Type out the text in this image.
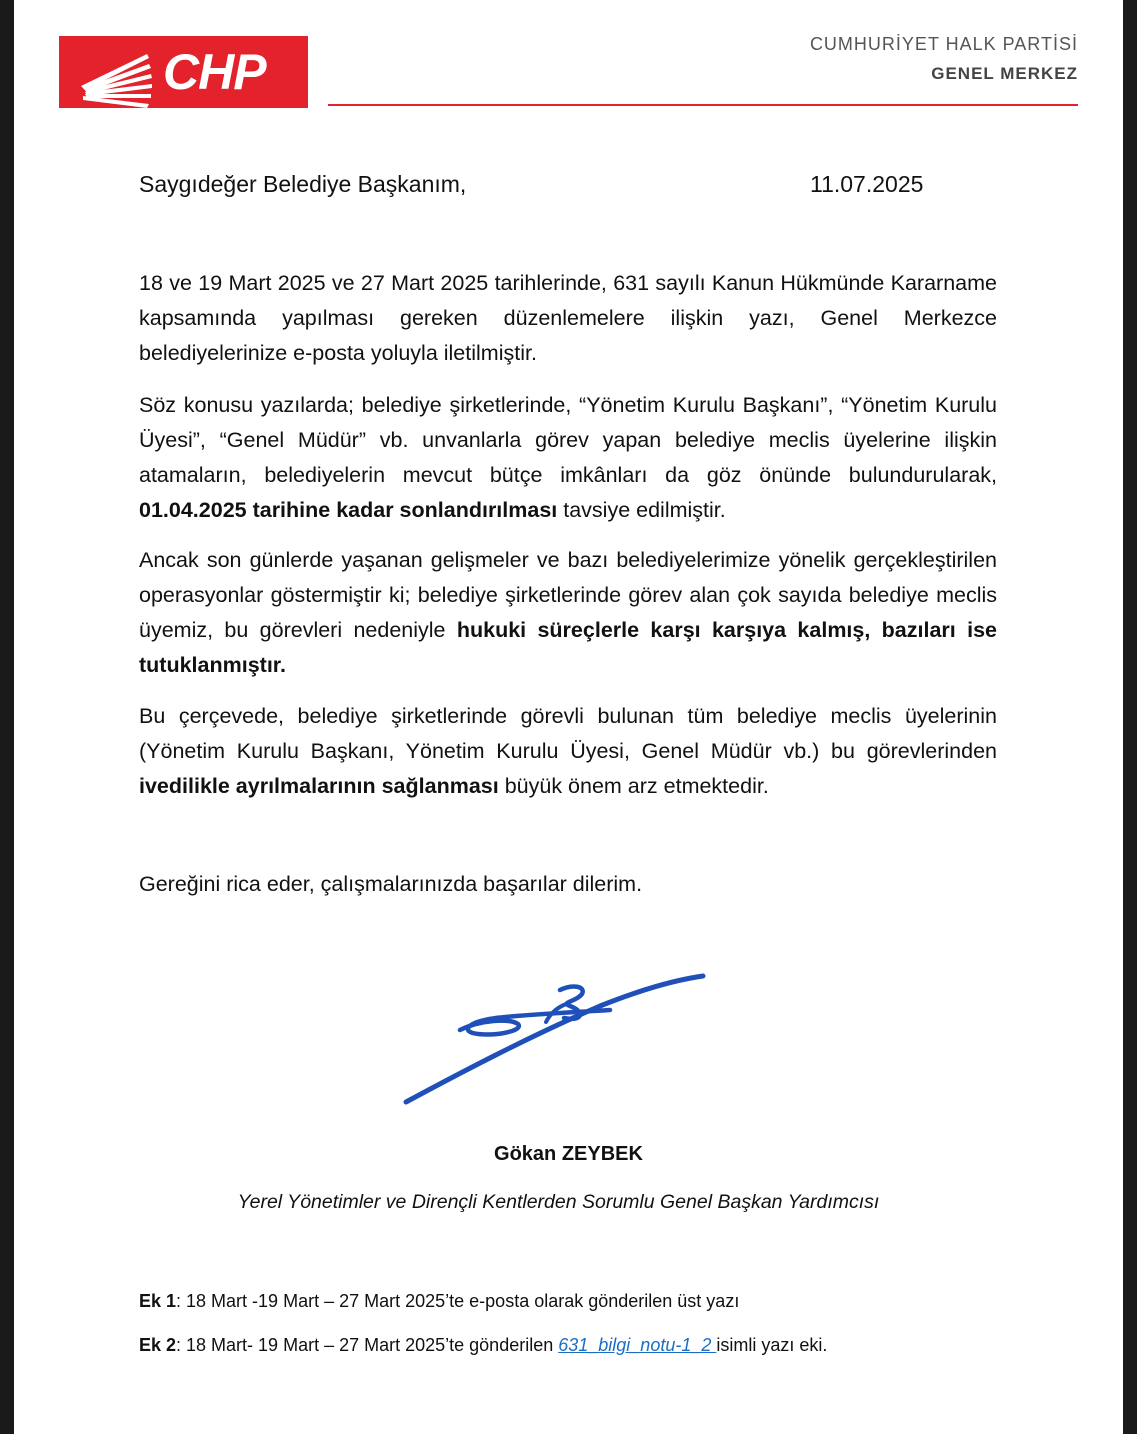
CHP	CUMHURİYET HALK PARTİSİ
GENEL MERKEZ
Saygıdeğer Belediye Başkanım,	11.07.2025
18 ve 19 Mart 2025 ve 27 Mart 2025 tarihlerinde, 631 sayılı Kanun Hükmünde Kararname kapsamında yapılması gereken düzenlemelere ilişkin yazı, Genel Merkezce belediyelerinize e-posta yoluyla iletilmiştir.
Söz konusu yazılarda; belediye şirketlerinde, “Yönetim Kurulu Başkanı”, “Yönetim Kurulu Üyesi”, “Genel Müdür” vb. unvanlarla görev yapan belediye meclis üyelerine ilişkin atamaların, belediyelerin mevcut bütçe imkânları da göz önünde bulundurularak, 01.04.2025 tarihine kadar sonlandırılması tavsiye edilmiştir.
Ancak son günlerde yaşanan gelişmeler ve bazı belediyelerimize yönelik gerçekleştirilen operasyonlar göstermiştir ki; belediye şirketlerinde görev alan çok sayıda belediye meclis üyemiz, bu görevleri nedeniyle hukuki süreçlerle karşı karşıya kalmış, bazıları ise tutuklanmıştır.
Bu çerçevede, belediye şirketlerinde görevli bulunan tüm belediye meclis üyelerinin (Yönetim Kurulu Başkanı, Yönetim Kurulu Üyesi, Genel Müdür vb.) bu görevlerinden ivedilikle ayrılmalarının sağlanması büyük önem arz etmektedir.
Gereğini rica eder, çalışmalarınızda başarılar dilerim.
Gökan ZEYBEK
Yerel Yönetimler ve Dirençli Kentlerden Sorumlu Genel Başkan Yardımcısı
Ek 1: 18 Mart -19 Mart – 27 Mart 2025’te e-posta olarak gönderilen üst yazı
Ek 2: 18 Mart- 19 Mart – 27 Mart 2025’te gönderilen 631_bilgi_notu-1_2 isimli yazı eki.
